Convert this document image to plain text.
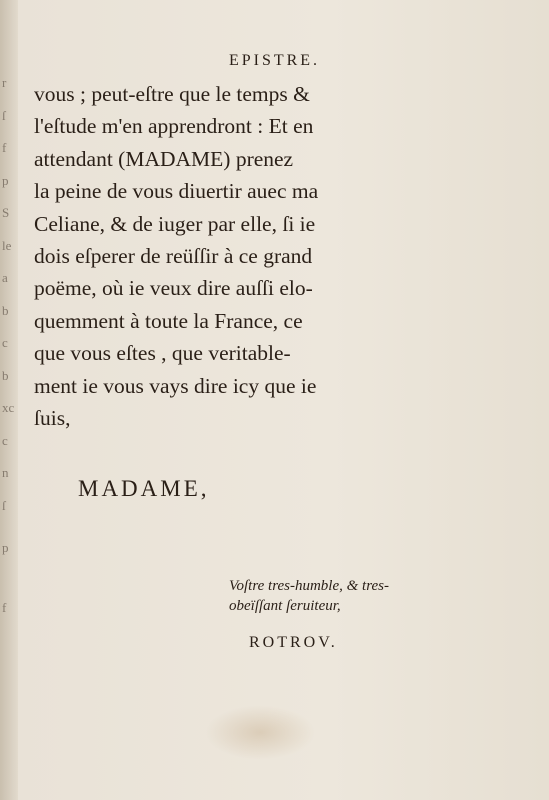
r
ſ
f
p
S
le
a
b
c
b
xc
c
n
ſ
p
f
EPISTRE.
vous ; peut-eſtre que le temps &
l'eſtude m'en apprendront : Et en
attendant (MADAME) prenez
la peine de vous diuertir auec ma
Celiane, & de iuger par elle, ſi ie
dois eſperer de reüſſir à ce grand
poëme, où ie veux dire auſſi elo-
quemment à toute la France, ce
que vous eſtes , que veritable-
ment ie vous vays dire icy que ie
ſuis,
MADAME,
Voſtre tres-humble, & tres-
obeïſſant ſeruiteur,
ROTROV.
